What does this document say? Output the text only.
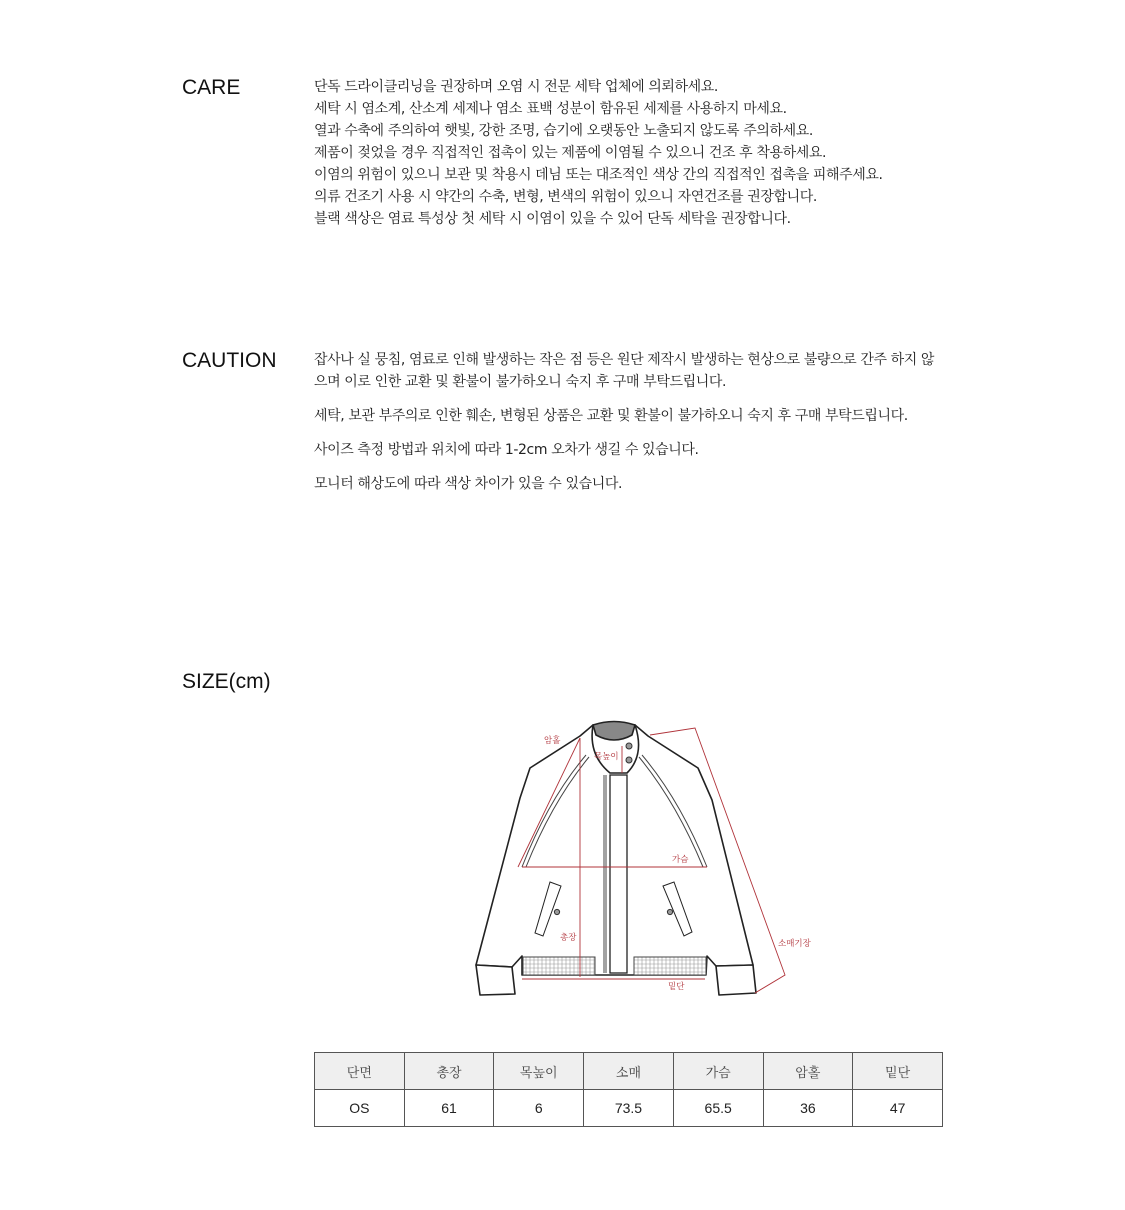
CARE	단독 드라이클리닝을 권장하며 오염 시 전문 세탁 업체에 의뢰하세요.

세탁 시 염소계, 산소계 세제나 염소 표백 성분이 함유된 세제를 사용하지 마세요.

열과 수축에 주의하여 햇빛, 강한 조명, 습기에 오랫동안 노출되지 않도록 주의하세요.

제품이 젖었을 경우 직접적인 접촉이 있는 제품에 이염될 수 있으니 건조 후 착용하세요.

이염의 위험이 있으니 보관 및 착용시 데님 또는 대조적인 색상 간의 직접적인 접촉을 피해주세요.

의류 건조기 사용 시 약간의 수축, 변형, 변색의 위험이 있으니 자연건조를 권장합니다.

블랙 색상은 염료 특성상 첫 세탁 시 이염이 있을 수 있어 단독 세탁을 권장합니다.

CAUTION	잡사나 실 뭉침, 염료로 인해 발생하는 작은 점 등은 원단 제작시 발생하는 현상으로 불량으로 간주 하지 않으며 이로 인한 교환 및 환불이 불가하오니 숙지 후 구매 부탁드립니다.

세탁, 보관 부주의로 인한 훼손, 변형된 상품은 교환 및 환불이 불가하오니 숙지 후 구매 부탁드립니다.

사이즈 측정 방법과 위치에 따라 1-2cm 오차가 생길 수 있습니다.

모니터 해상도에 따라 색상 차이가 있을 수 있습니다.

SIZE(cm)
암홀
목높이
가슴
총장
밑단
소매기장
단면	총장	목높이	소매	가슴	암홀	밑단
OS	61	6	73.5	65.5	36	47
